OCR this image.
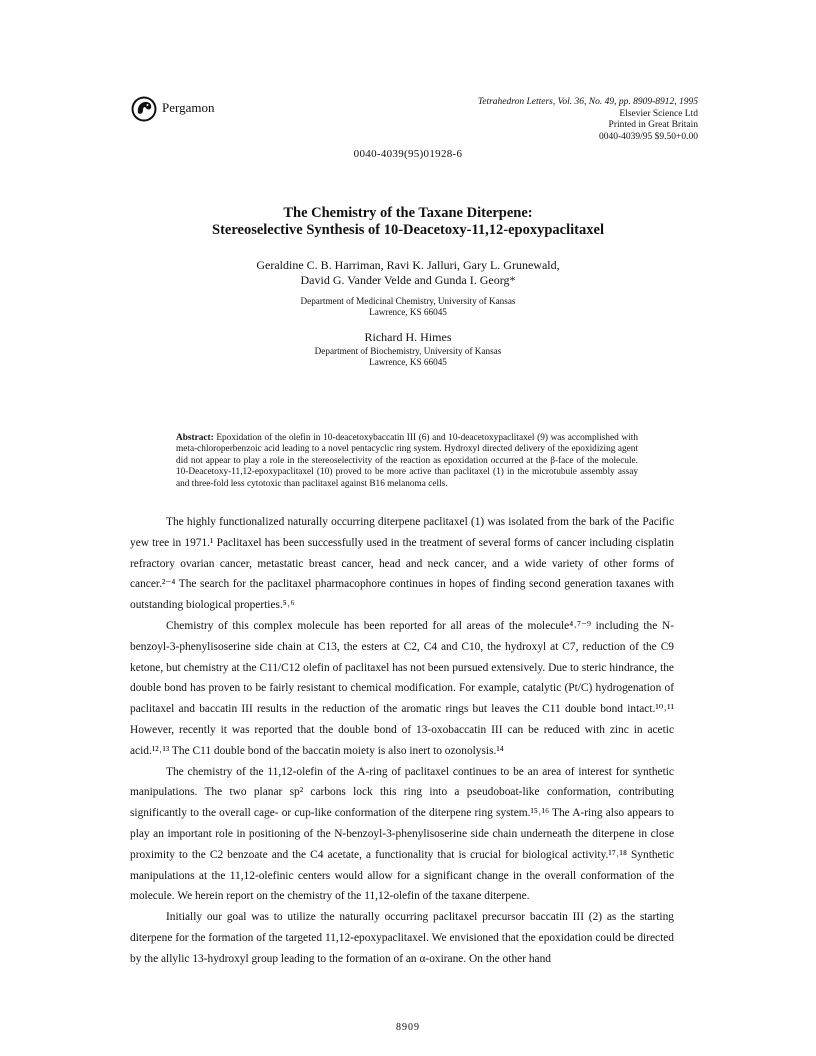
Pergamon	Tetrahedron Letters, Vol. 36, No. 49, pp. 8909-8912, 1995
Elsevier Science Ltd
Printed in Great Britain
0040-4039/95 $9.50+0.00
0040-4039(95)01928-6
The Chemistry of the Taxane Diterpene:
Stereoselective Synthesis of 10-Deacetoxy-11,12-epoxypaclitaxel
Geraldine C. B. Harriman, Ravi K. Jalluri, Gary L. Grunewald,
David G. Vander Velde and Gunda I. Georg*
Department of Medicinal Chemistry, University of Kansas
Lawrence, KS 66045
Richard H. Himes
Department of Biochemistry, University of Kansas
Lawrence, KS 66045
Abstract: Epoxidation of the olefin in 10-deacetoxybaccatin III (6) and 10-deacetoxypaclitaxel (9) was accomplished with meta-chloroperbenzoic acid leading to a novel pentacyclic ring system. Hydroxyl directed delivery of the epoxidizing agent did not appear to play a role in the stereoselectivity of the reaction as epoxidation occurred at the β-face of the molecule. 10-Deacetoxy-11,12-epoxypaclitaxel (10) proved to be more active than paclitaxel (1) in the microtubule assembly assay and three-fold less cytotoxic than paclitaxel against B16 melanoma cells.

The highly functionalized naturally occurring diterpene paclitaxel (1) was isolated from the bark of the Pacific yew tree in 1971.¹ Paclitaxel has been successfully used in the treatment of several forms of cancer including cisplatin refractory ovarian cancer, metastatic breast cancer, head and neck cancer, and a wide variety of other forms of cancer.²⁻⁴ The search for the paclitaxel pharmacophore continues in hopes of finding second generation taxanes with outstanding biological properties.⁵˒⁶

Chemistry of this complex molecule has been reported for all areas of the molecule⁴˒⁷⁻⁹ including the N-benzoyl-3-phenylisoserine side chain at C13, the esters at C2, C4 and C10, the hydroxyl at C7, reduction of the C9 ketone, but chemistry at the C11/C12 olefin of paclitaxel has not been pursued extensively. Due to steric hindrance, the double bond has proven to be fairly resistant to chemical modification. For example, catalytic (Pt/C) hydrogenation of paclitaxel and baccatin III results in the reduction of the aromatic rings but leaves the C11 double bond intact.¹⁰˒¹¹ However, recently it was reported that the double bond of 13-oxobaccatin III can be reduced with zinc in acetic acid.¹²˒¹³ The C11 double bond of the baccatin moiety is also inert to ozonolysis.¹⁴

The chemistry of the 11,12-olefin of the A-ring of paclitaxel continues to be an area of interest for synthetic manipulations. The two planar sp² carbons lock this ring into a pseudoboat-like conformation, contributing significantly to the overall cage- or cup-like conformation of the diterpene ring system.¹⁵˒¹⁶ The A-ring also appears to play an important role in positioning of the N-benzoyl-3-phenylisoserine side chain underneath the diterpene in close proximity to the C2 benzoate and the C4 acetate, a functionality that is crucial for biological activity.¹⁷˒¹⁸ Synthetic manipulations at the 11,12-olefinic centers would allow for a significant change in the overall conformation of the molecule. We herein report on the chemistry of the 11,12-olefin of the taxane diterpene.

Initially our goal was to utilize the naturally occurring paclitaxel precursor baccatin III (2) as the starting diterpene for the formation of the targeted 11,12-epoxypaclitaxel. We envisioned that the epoxidation could be directed by the allylic 13-hydroxyl group leading to the formation of an α-oxirane. On the other hand

8909
